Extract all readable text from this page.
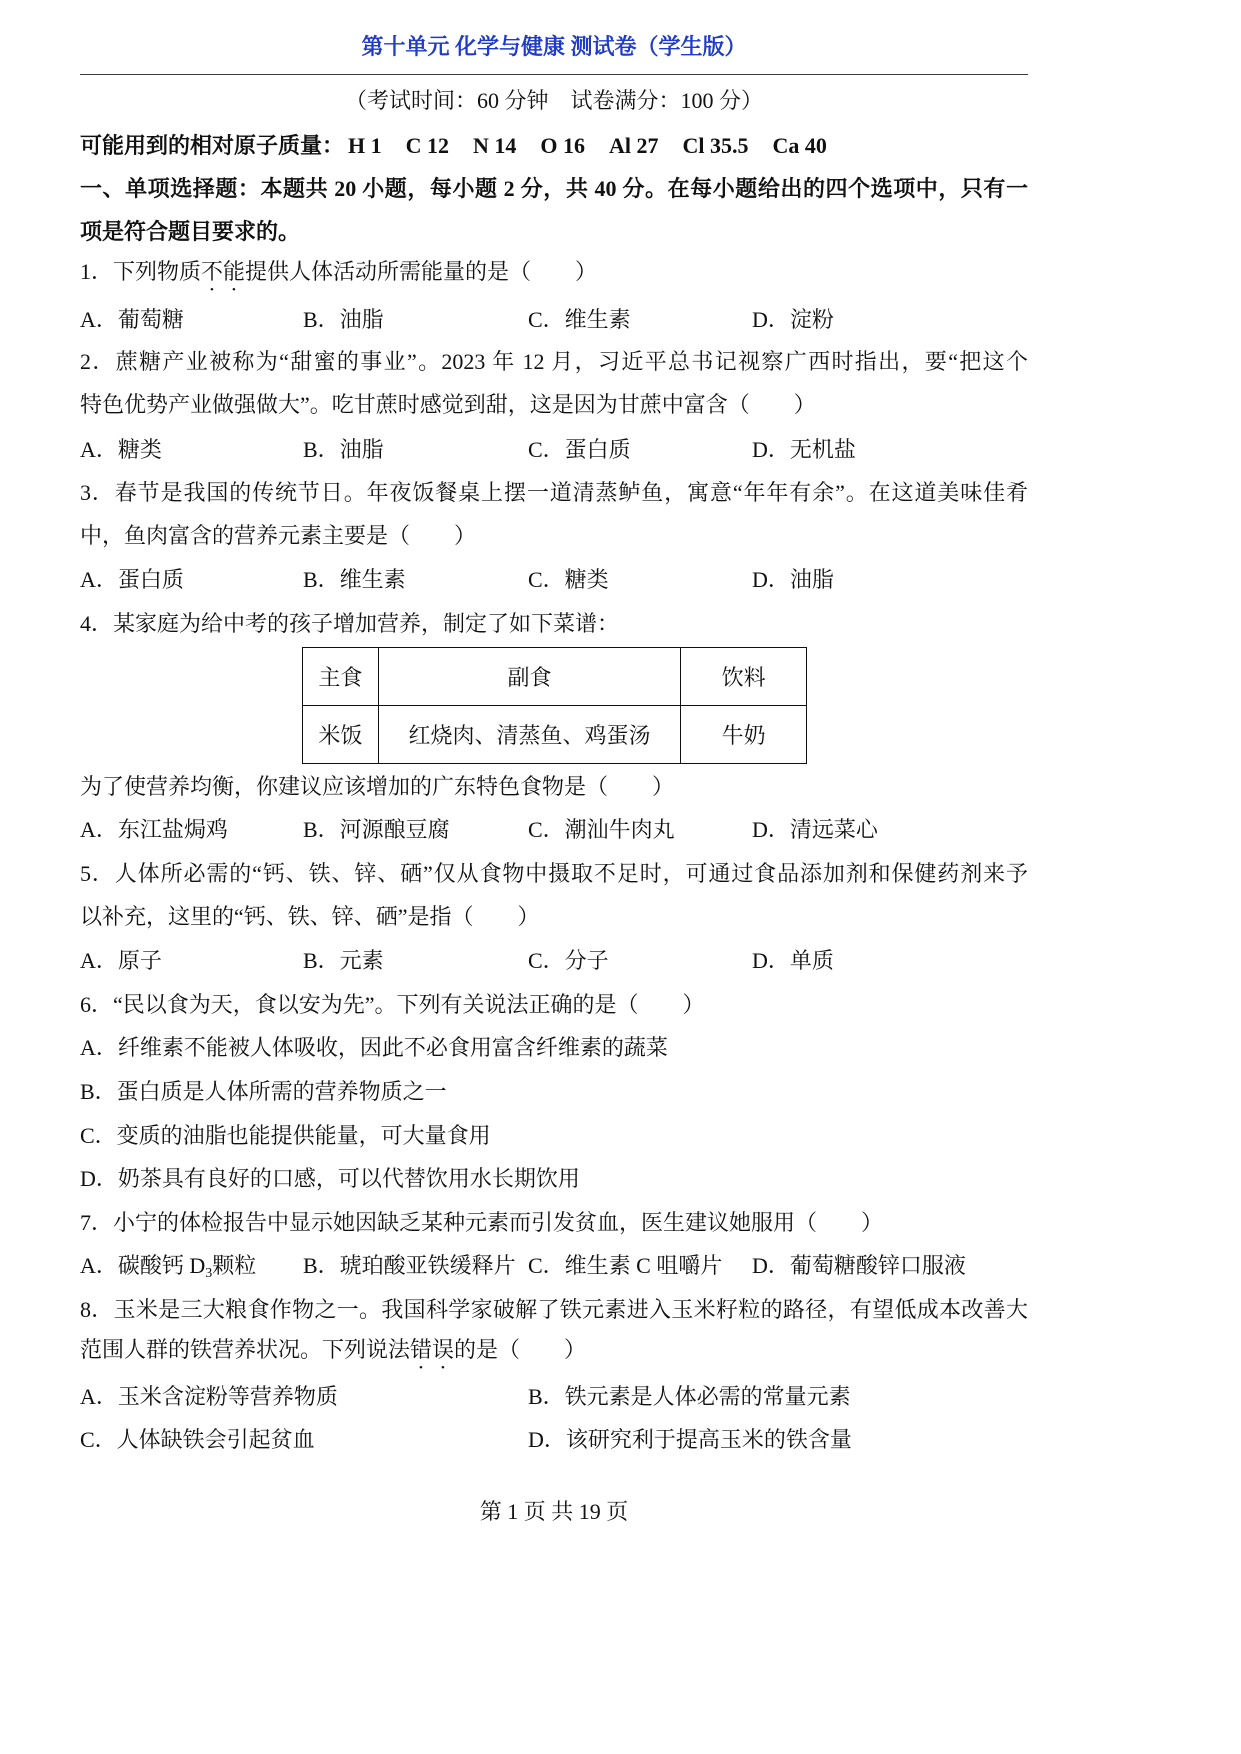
第十单元 化学与健康 测试卷（学生版）
（考试时间：60 分钟　试卷满分：100 分）
可能用到的相对原子质量： H 1 C 12 N 14 O 16 Al 27 Cl 35.5 Ca 40
一、单项选择题：本题共 20 小题，每小题 2 分，共 40 分。在每小题给出的四个选项中，只有一
项是符合题目要求的。
1．下列物质不能提供人体活动所需能量的是（　　）
A．葡萄糖	B．油脂	C．维生素	D．淀粉
2．蔗糖产业被称为“甜蜜的事业”。2023 年 12 月，习近平总书记视察广西时指出，要“把这个
特色优势产业做强做大”。吃甘蔗时感觉到甜，这是因为甘蔗中富含（　　）
A．糖类	B．油脂	C．蛋白质	D．无机盐
3．春节是我国的传统节日。年夜饭餐桌上摆一道清蒸鲈鱼，寓意“年年有余”。在这道美味佳肴
中，鱼肉富含的营养元素主要是（　　）
A．蛋白质	B．维生素	C．糖类	D．油脂
4．某家庭为给中考的孩子增加营养，制定了如下菜谱：
主食	副食	饮料
米饭	红烧肉、清蒸鱼、鸡蛋汤	牛奶
为了使营养均衡，你建议应该增加的广东特色食物是（　　）
A．东江盐焗鸡	B．河源酿豆腐	C．潮汕牛肉丸	D．清远菜心
5．人体所必需的“钙、铁、锌、硒”仅从食物中摄取不足时，可通过食品添加剂和保健药剂来予
以补充，这里的“钙、铁、锌、硒”是指（　　）
A．原子	B．元素	C．分子	D．单质
6．“民以食为天，食以安为先”。下列有关说法正确的是（　　）
A．纤维素不能被人体吸收，因此不必食用富含纤维素的蔬菜
B．蛋白质是人体所需的营养物质之一
C．变质的油脂也能提供能量，可大量食用
D．奶茶具有良好的口感，可以代替饮用水长期饮用
7．小宁的体检报告中显示她因缺乏某种元素而引发贫血，医生建议她服用（　　）
A．碳酸钙 $D_3$颗粒 B．琥珀酸亚铁缓释片 C．维生素 C 咀嚼片 D．葡萄糖酸锌口服液
8．玉米是三大粮食作物之一。我国科学家破解了铁元素进入玉米籽粒的路径，有望低成本改善大
范围人群的铁营养状况。下列说法错误的是（　　）
A．玉米含淀粉等营养物质	B．铁元素是人体必需的常量元素
C．人体缺铁会引起贫血	D．该研究利于提高玉米的铁含量
第 1 页 共 19 页
